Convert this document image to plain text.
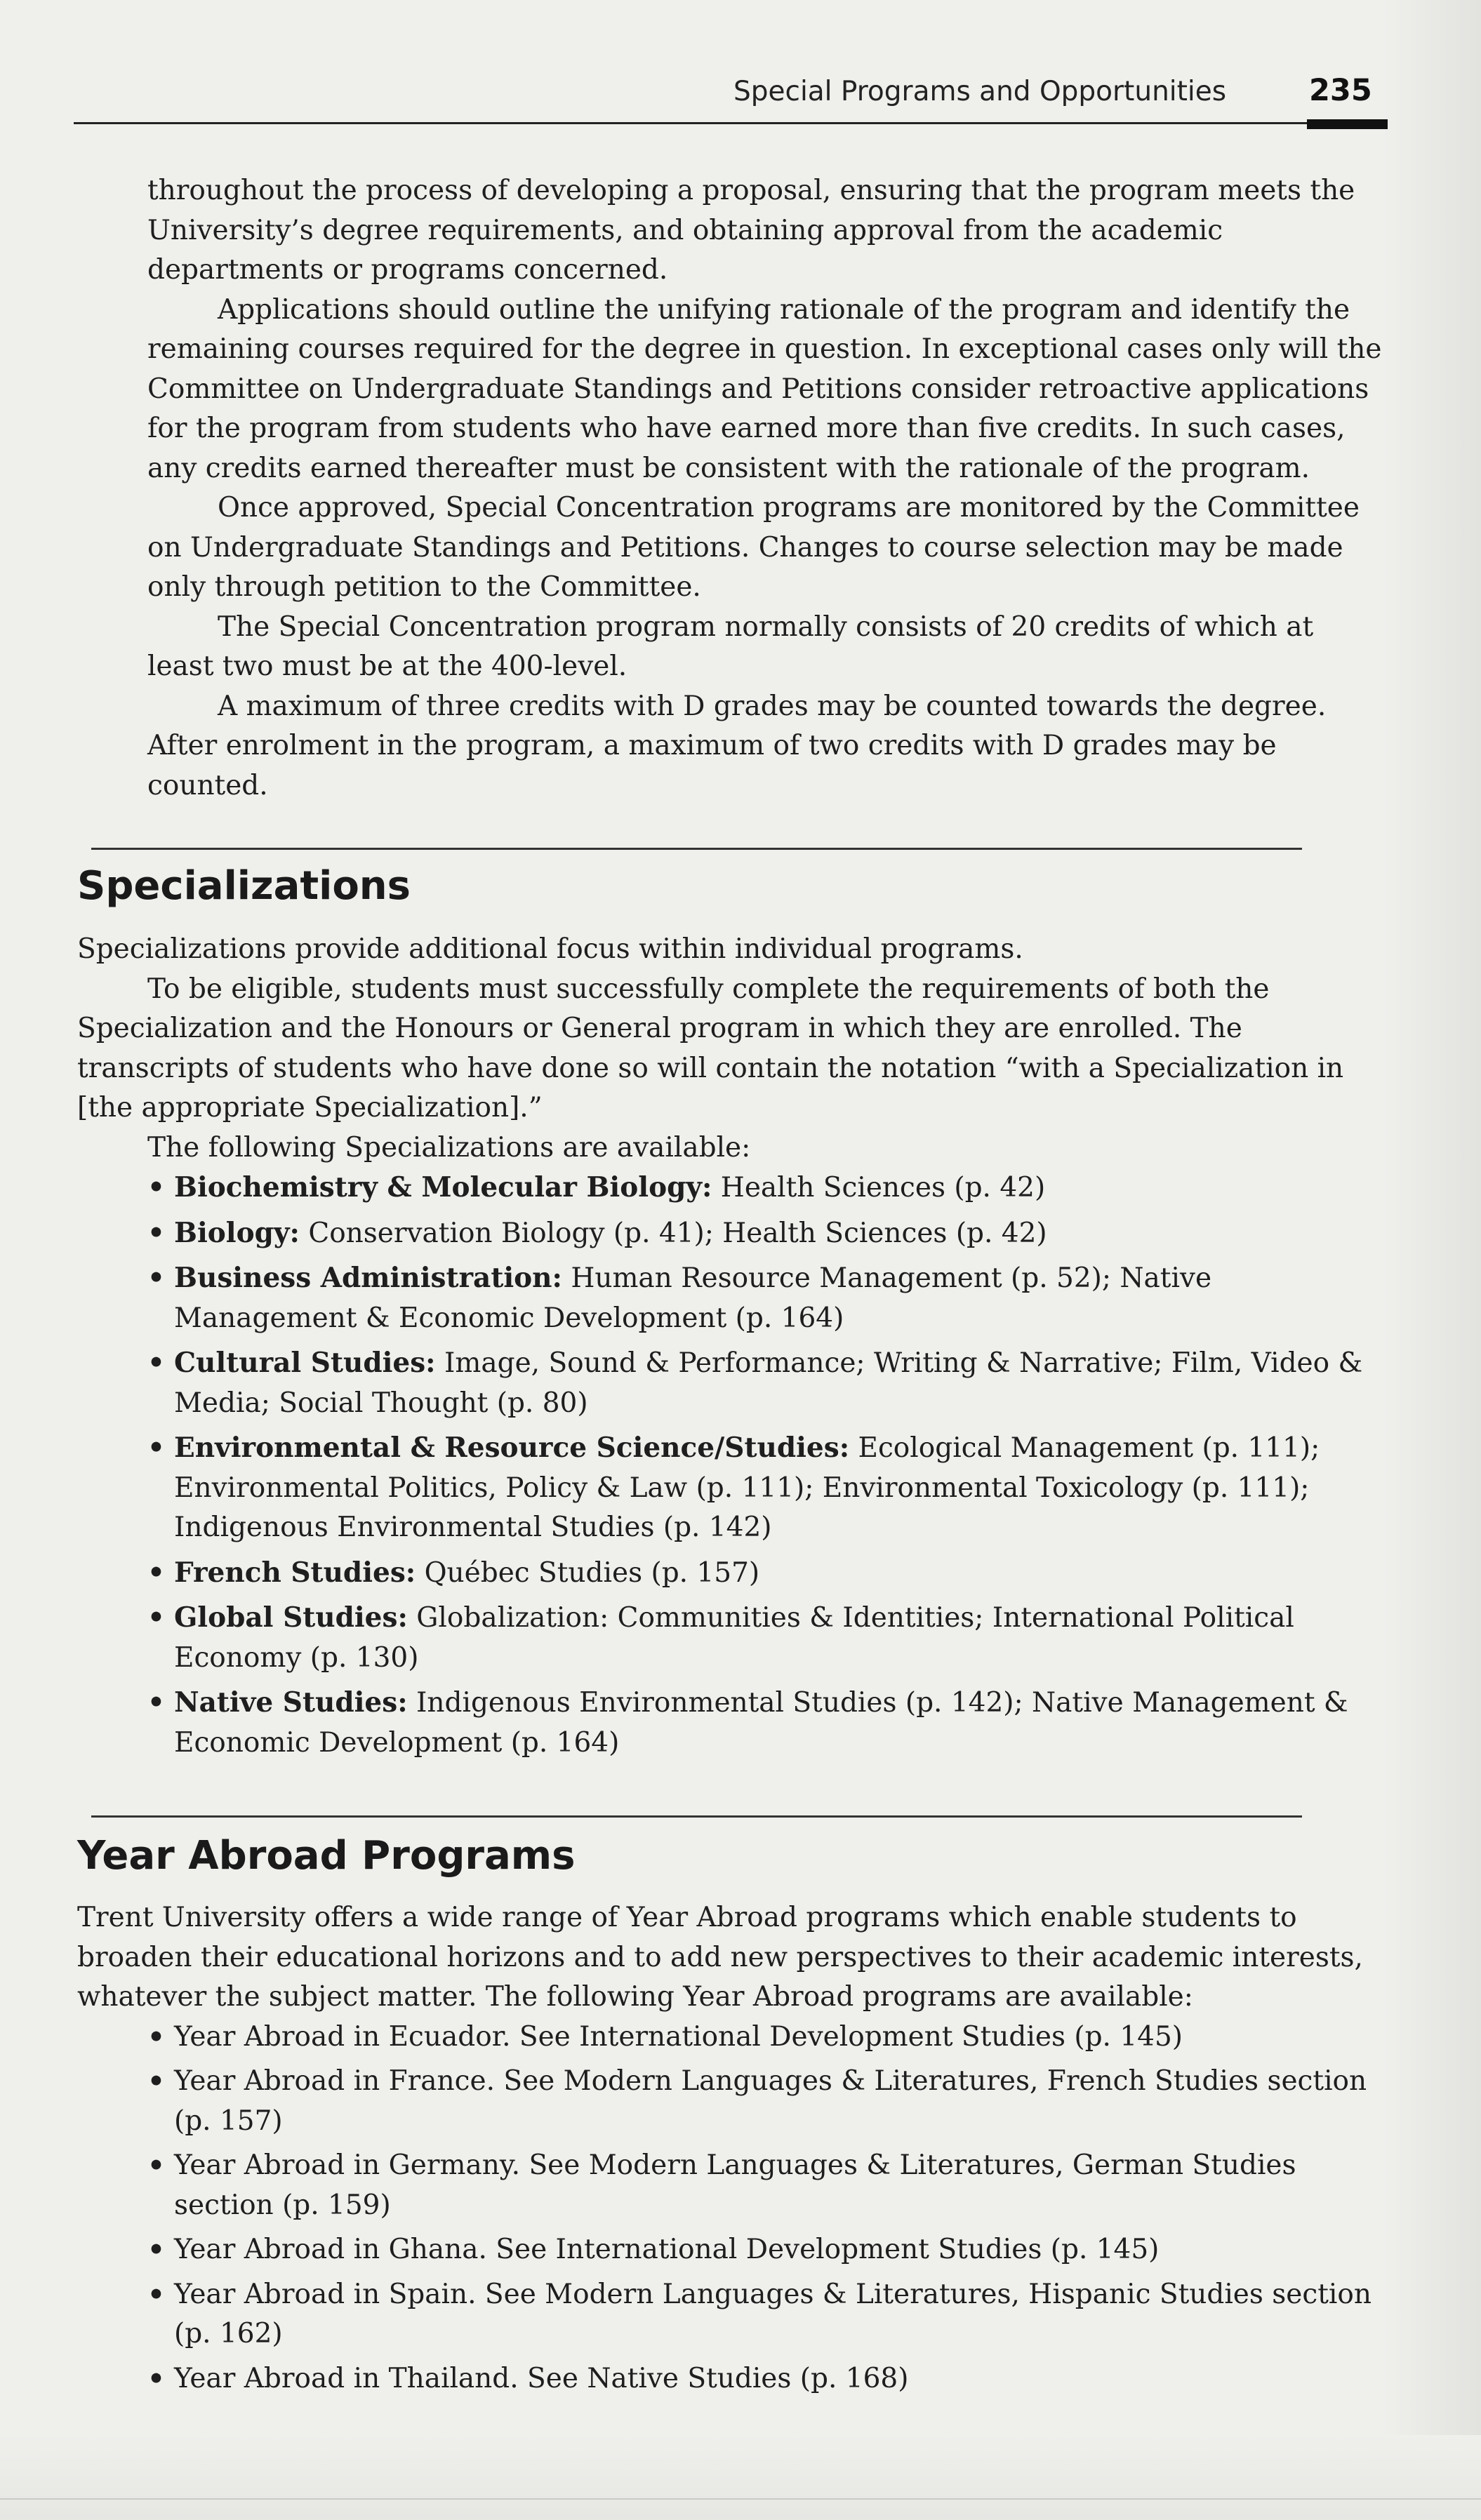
Special Programs and Opportunities	235

throughout the process of developing a proposal, ensuring that the program meets the University’s degree requirements, and obtaining approval from the academic departments or programs concerned.

Applications should outline the unifying rationale of the program and identify the remaining courses required for the degree in question. In exceptional cases only will the Committee on Undergraduate Standings and Petitions consider retroactive applications for the program from students who have earned more than five credits. In such cases, any credits earned thereafter must be consistent with the rationale of the program.

Once approved, Special Concentration programs are monitored by the Committee on Undergraduate Standings and Petitions. Changes to course selection may be made only through petition to the Committee.

The Special Concentration program normally consists of 20 credits of which at least two must be at the 400-level.

A maximum of three credits with D grades may be counted towards the degree. After enrolment in the program, a maximum of two credits with D grades may be counted.

Specializations

Specializations provide additional focus within individual programs.

To be eligible, students must successfully complete the requirements of both the Specialization and the Honours or General program in which they are enrolled. The transcripts of students who have done so will contain the notation “with a Specialization in [the appropriate Specialization].”

The following Specializations are available:

• Biochemistry & Molecular Biology: Health Sciences (p. 42)
• Biology: Conservation Biology (p. 41); Health Sciences (p. 42)
• Business Administration: Human Resource Management (p. 52); Native Management & Economic Development (p. 164)
• Cultural Studies: Image, Sound & Performance; Writing & Narrative; Film, Video & Media; Social Thought (p. 80)
• Environmental & Resource Science/Studies: Ecological Management (p. 111); Environmental Politics, Policy & Law (p. 111); Environmental Toxicology (p. 111); Indigenous Environmental Studies (p. 142)
• French Studies: Québec Studies (p. 157)
• Global Studies: Globalization: Communities & Identities; International Political Economy (p. 130)
• Native Studies: Indigenous Environmental Studies (p. 142); Native Management & Economic Development (p. 164)
Year Abroad Programs

Trent University offers a wide range of Year Abroad programs which enable students to broaden their educational horizons and to add new perspectives to their academic interests, whatever the subject matter. The following Year Abroad programs are available:

• Year Abroad in Ecuador. See International Development Studies (p. 145)
• Year Abroad in France. See Modern Languages & Literatures, French Studies section (p. 157)
• Year Abroad in Germany. See Modern Languages & Literatures, German Studies section (p. 159)
• Year Abroad in Ghana. See International Development Studies (p. 145)
• Year Abroad in Spain. See Modern Languages & Literatures, Hispanic Studies section (p. 162)
• Year Abroad in Thailand. See Native Studies (p. 168)
